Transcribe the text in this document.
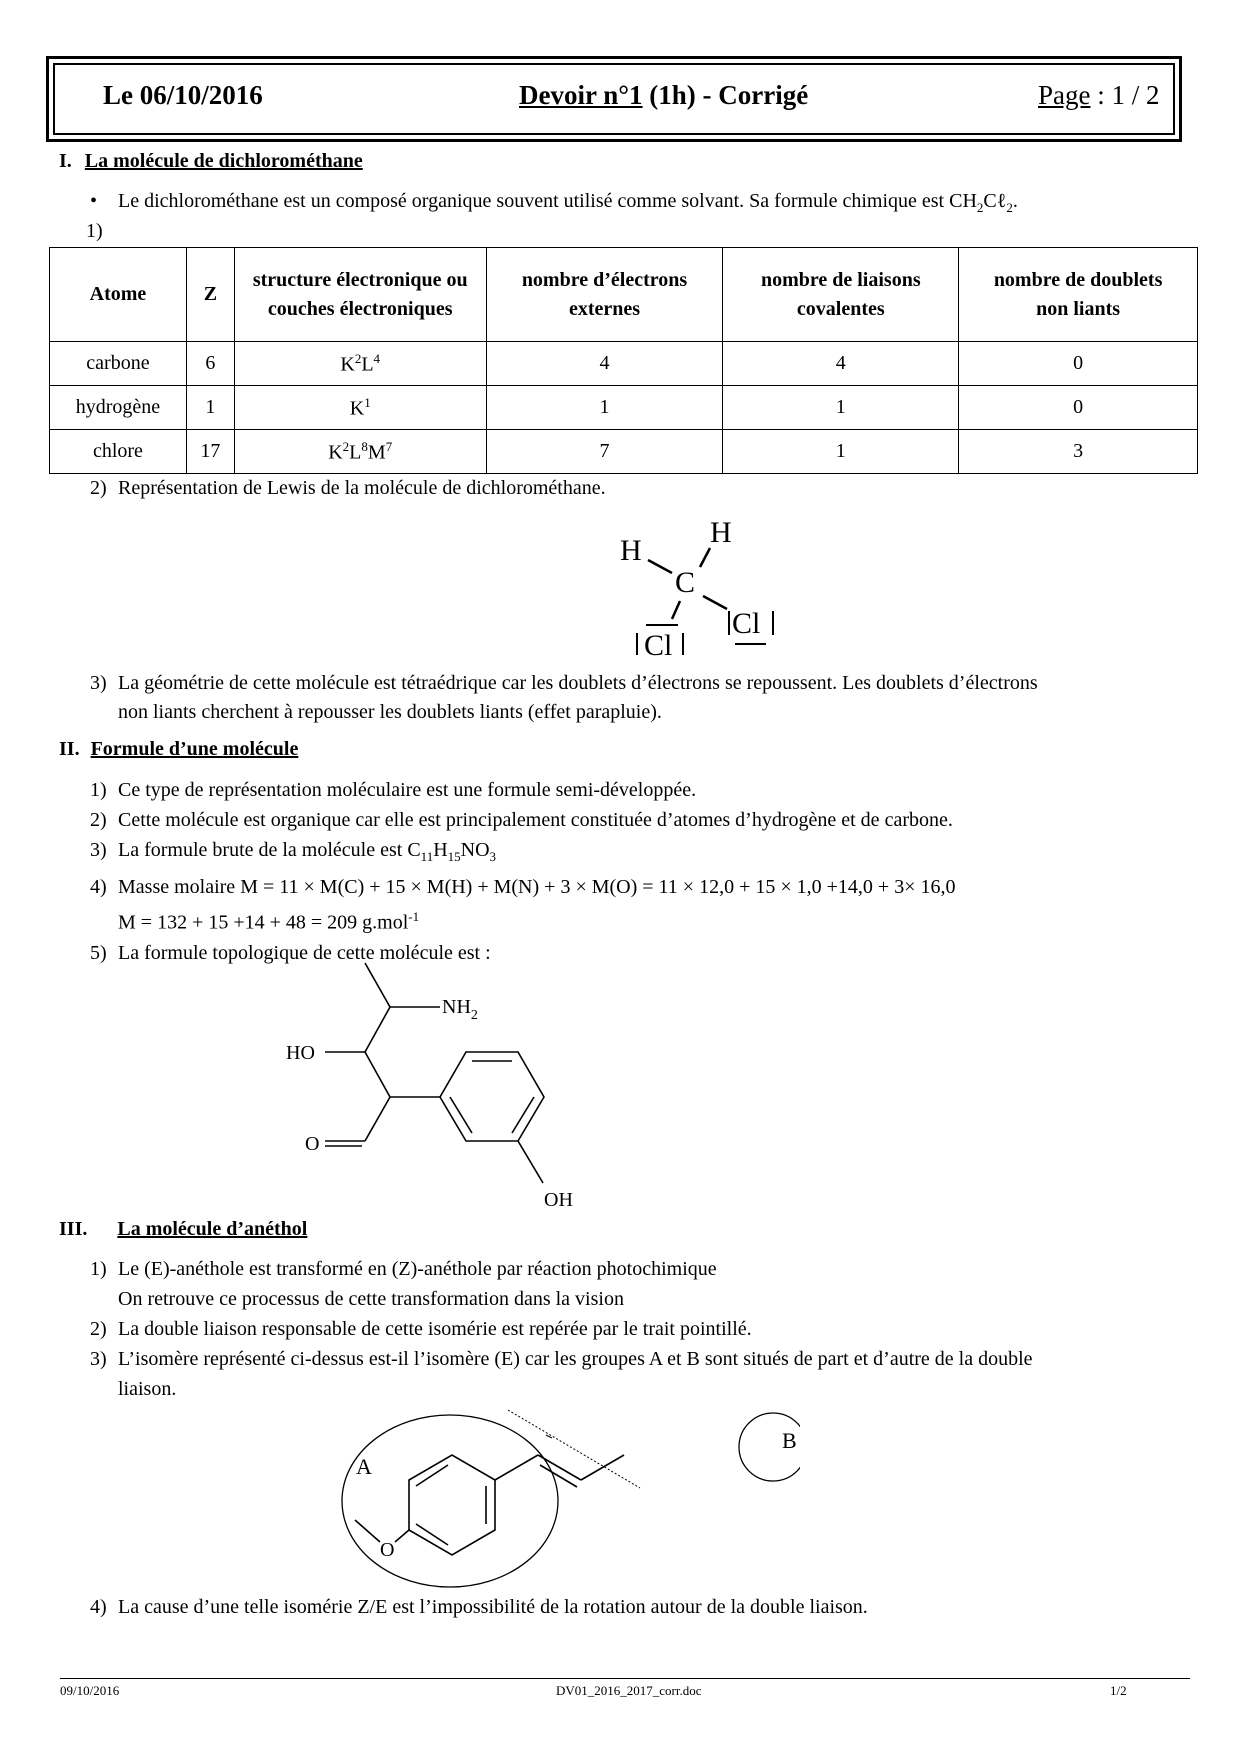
Le 06/10/2016	Devoir n°1 (1h) - Corrigé	Page : 1 / 2
I. La molécule de dichlorométhane
• Le dichlorométhane est un composé organique souvent utilisé comme solvant. Sa formule chimique est $CH_2C\ell_2$.
1)
Atome	Z	structure électronique ou couches électroniques	nombre d’électrons externes	nombre de liaisons covalentes	nombre de doublets non liants
carbone	6	$K^2L^4$	4	4	0
hydrogène	1	$K^1$	1	1	0
chlore	17	$K^2L^8M^7$	7	1	3
2) Représentation de Lewis de la molécule de dichlorométhane.
H
H
C
Cl
Cl
3) La géométrie de cette molécule est tétraédrique car les doublets d’électrons se repoussent. Les doublets d’électrons
non liants cherchent à repousser les doublets liants (effet parapluie).
II. Formule d’une molécule
1) Ce type de représentation moléculaire est une formule semi-développée.
2) Cette molécule est organique car elle est principalement constituée d’atomes d’hydrogène et de carbone.
3) La formule brute de la molécule est $C_{11}H_{15}NO_3$
4) Masse molaire M = 11 × M(C) + 15 × M(H) + M(N) + 3 × M(O) = 11 × 12,0 + 15 × 1,0 +14,0 + 3× 16,0
M = 132 + 15 +14 + 48 = 209 g.mol$^{-1}$
5) La formule topologique de cette molécule est :
$NH_2$
HO
O
OH
III. La molécule d’anéthol
1) Le (E)-anéthole est transformé en (Z)-anéthole par réaction photochimique
On retrouve ce processus de cette transformation dans la vision
2) La double liaison responsable de cette isomérie est repérée par le trait pointillé.
3) L’isomère représenté ci-dessus est-il l’isomère (E) car les groupes A et B sont situés de part et d’autre de la double
liaison.
O
A
B
4) La cause d’une telle isomérie Z/E est l’impossibilité de la rotation autour de la double liaison.
09/10/2016	DV01_2016_2017_corr.doc	1/2
